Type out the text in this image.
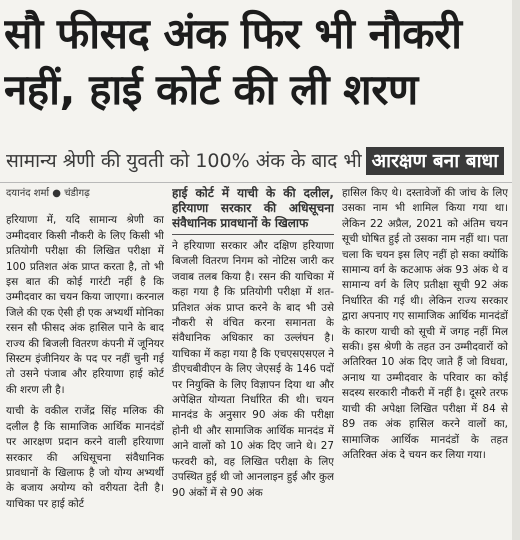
सौ फीसद अंक फिर भी नौकरी
नहीं, हाई कोर्ट की ली शरण
सामान्य श्रेणी की युवती को 100% अंक के बाद भी आरक्षण बना बाधा

दयानंद शर्मा ● चंडीगढ़

हरियाणा में, यदि सामान्य श्रेणी का उम्मीदवार किसी नौकरी के लिए किसी भी प्रतियोगी परीक्षा की लिखित परीक्षा में 100 प्रतिशत अंक प्राप्त करता है, तो भी इस बात की कोई गारंटी नहीं है कि उम्मीदवार का चयन किया जाएगा। करनाल जिले की एक ऐसी ही एक अभ्यर्थी मोनिका रसन सौ फीसद अंक हासिल पाने के बाद राज्य की बिजली वितरण कंपनी में जूनियर सिस्टम इंजीनियर के पद पर नहीं चुनी गई तो उसने पंजाब और हरियाणा हाई कोर्ट की शरण ली है।

याची के वकील राजेंद्र सिंह मलिक की दलील है कि सामाजिक आर्थिक मानदंडों पर आरक्षण प्रदान करने वाली हरियाणा सरकार की अधिसूचना संवैधानिक प्रावधानों के खिलाफ है जो योग्य अभ्यर्थी के बजाय अयोग्य को वरीयता देती है। याचिका पर हाई कोर्ट

हाई कोर्ट में याची के की दलील, हरियाणा सरकार की अधिसूचना संवैधानिक प्रावधानों के खिलाफ

ने हरियाणा सरकार और दक्षिण हरियाणा बिजली वितरण निगम को नोटिस जारी कर जवाब तलब किया है। रसन की याचिका में कहा गया है कि प्रतियोगी परीक्षा में शत-प्रतिशत अंक प्राप्त करने के बाद भी उसे नौकरी से वंचित करना समानता के संवैधानिक अधिकार का उल्लंघन है। याचिका में कहा गया है कि एचएसएसएल ने डीएचबीवीएन के लिए जेएसई के 146 पदों पर नियुक्ति के लिए विज्ञापन दिया था और अपेक्षित योग्यता निर्धारित की थी। चयन मानदंड के अनुसार 90 अंक की परीक्षा होनी थी और सामाजिक आर्थिक मानदंड में आने वालों को 10 अंक दिए जाने थे। 27 फरवरी को, वह लिखित परीक्षा के लिए उपस्थित हुई थी जो आनलाइन हुई और कुल 90 अंकों में से 90 अंक

हासिल किए थे। दस्तावेजों की जांच के लिए उसका नाम भी शामिल किया गया था। लेकिन 22 अप्रैल, 2021 को अंतिम चयन सूची घोषित हुई तो उसका नाम नहीं था। पता चला कि चयन इस लिए नहीं हो सका क्योंकि सामान्य वर्ग के कटआफ अंक 93 अंक थे व सामान्य वर्ग के लिए प्रतीक्षा सूची 92 अंक निर्धारित की गई थी। लेकिन राज्य सरकार द्वारा अपनाए गए सामाजिक आर्थिक मानदंडों के कारण याची को सूची में जगह नहीं मिल सकी। इस श्रेणी के तहत उन उम्मीदवारों को अतिरिक्त 10 अंक दिए जाते हैं जो विधवा, अनाथ या उम्मीदवार के परिवार का कोई सदस्य सरकारी नौकरी में नहीं है। दूसरे तरफ याची की अपेक्षा लिखित परीक्षा में 84 से 89 तक अंक हासिल करने वालों का, सामाजिक आर्थिक मानदंडों के तहत अतिरिक्त अंक दे चयन कर लिया गया।
